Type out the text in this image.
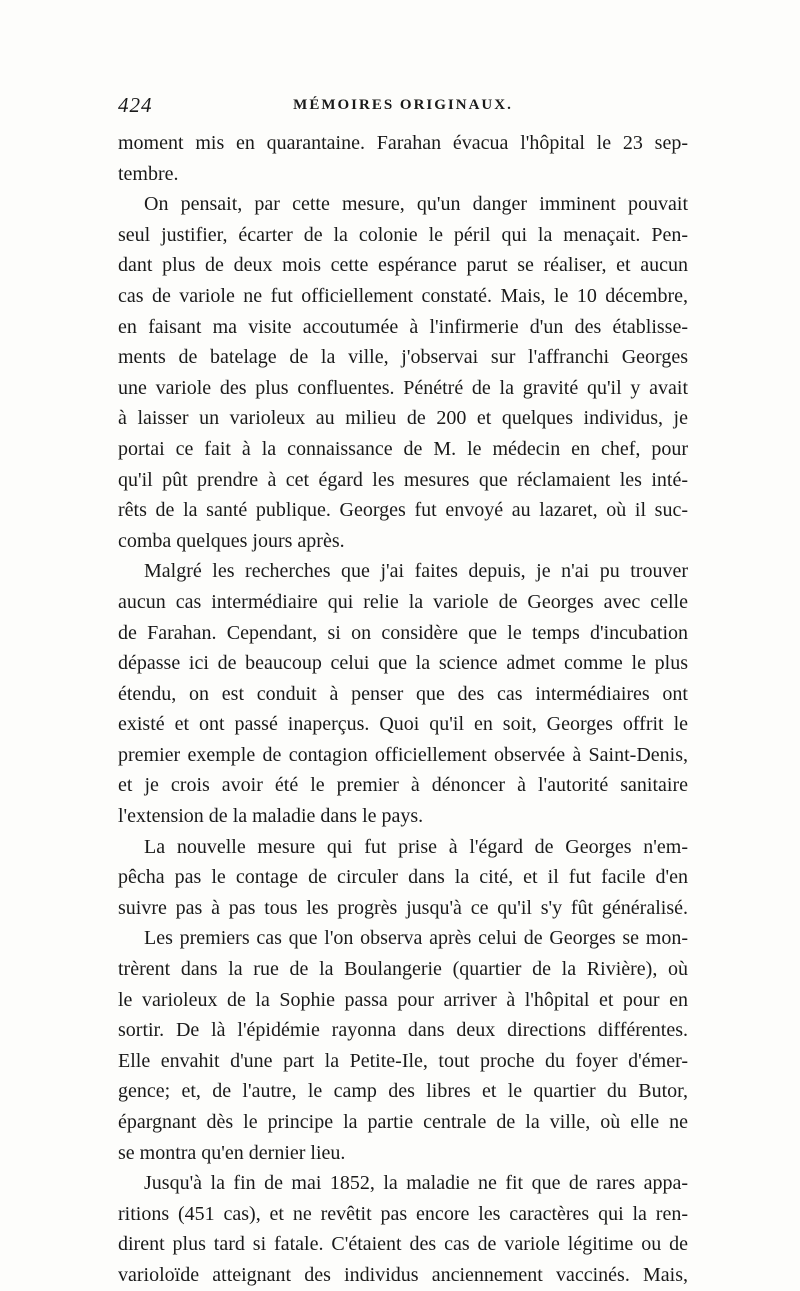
424	MÉMOIRES ORIGINAUX.
moment mis en quarantaine. Farahan évacua l'hôpital le 23 sep-
tembre.
On pensait, par cette mesure, qu'un danger imminent pouvait
seul justifier, écarter de la colonie le péril qui la menaçait. Pen-
dant plus de deux mois cette espérance parut se réaliser, et aucun
cas de variole ne fut officiellement constaté. Mais, le 10 décembre,
en faisant ma visite accoutumée à l'infirmerie d'un des établisse-
ments de batelage de la ville, j'observai sur l'affranchi Georges
une variole des plus confluentes. Pénétré de la gravité qu'il y avait
à laisser un varioleux au milieu de 200 et quelques individus, je
portai ce fait à la connaissance de M. le médecin en chef, pour
qu'il pût prendre à cet égard les mesures que réclamaient les inté-
rêts de la santé publique. Georges fut envoyé au lazaret, où il suc-
comba quelques jours après.
Malgré les recherches que j'ai faites depuis, je n'ai pu trouver
aucun cas intermédiaire qui relie la variole de Georges avec celle
de Farahan. Cependant, si on considère que le temps d'incubation
dépasse ici de beaucoup celui que la science admet comme le plus
étendu, on est conduit à penser que des cas intermédiaires ont
existé et ont passé inaperçus. Quoi qu'il en soit, Georges offrit le
premier exemple de contagion officiellement observée à Saint-Denis,
et je crois avoir été le premier à dénoncer à l'autorité sanitaire
l'extension de la maladie dans le pays.
La nouvelle mesure qui fut prise à l'égard de Georges n'em-
pêcha pas le contage de circuler dans la cité, et il fut facile d'en
suivre pas à pas tous les progrès jusqu'à ce qu'il s'y fût généralisé.
Les premiers cas que l'on observa après celui de Georges se mon-
trèrent dans la rue de la Boulangerie (quartier de la Rivière), où
le varioleux de la Sophie passa pour arriver à l'hôpital et pour en
sortir. De là l'épidémie rayonna dans deux directions différentes.
Elle envahit d'une part la Petite-Ile, tout proche du foyer d'émer-
gence; et, de l'autre, le camp des libres et le quartier du Butor,
épargnant dès le principe la partie centrale de la ville, où elle ne
se montra qu'en dernier lieu.
Jusqu'à la fin de mai 1852, la maladie ne fit que de rares appa-
ritions (451 cas), et ne revêtit pas encore les caractères qui la ren-
dirent plus tard si fatale. C'étaient des cas de variole légitime ou de
varioloïde atteignant des individus anciennement vaccinés. Mais,
